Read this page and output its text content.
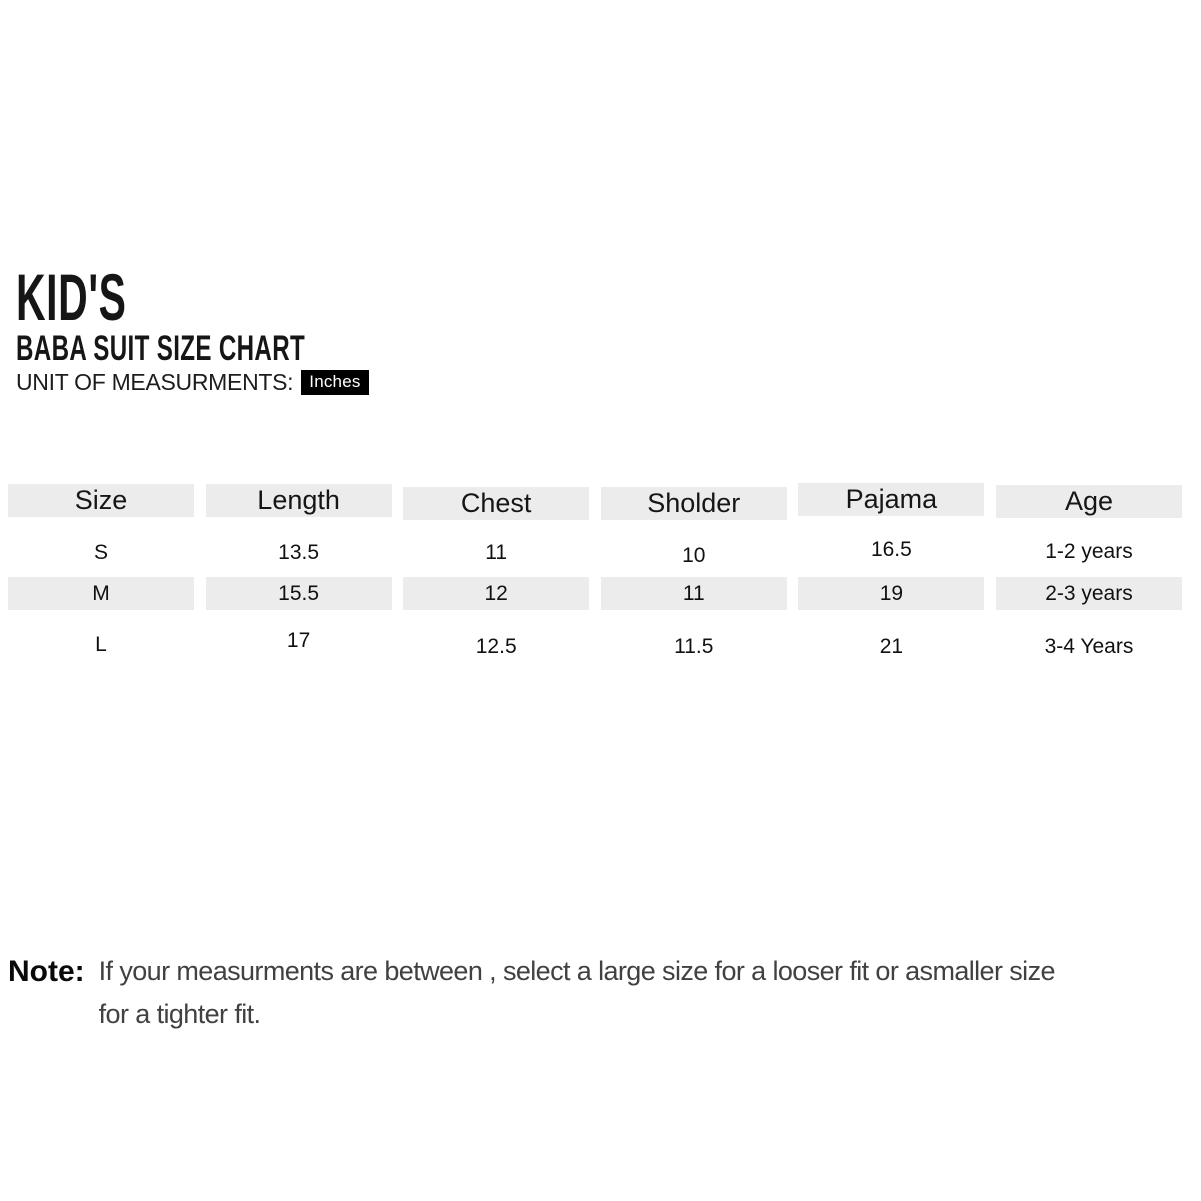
KID'S
BABA SUIT SIZE CHART
UNIT OF MEASURMENTS: Inches
Size
S
M
L
Length
13.5
15.5
17
Chest
11
12
12.5
Sholder
10
11
11.5
Pajama
16.5
19
21
Age
1-2 years
2-3 years
3-4 Years
Note: If your measurments are between , select a large size for a looser fit or asmaller size
for a tighter fit.
